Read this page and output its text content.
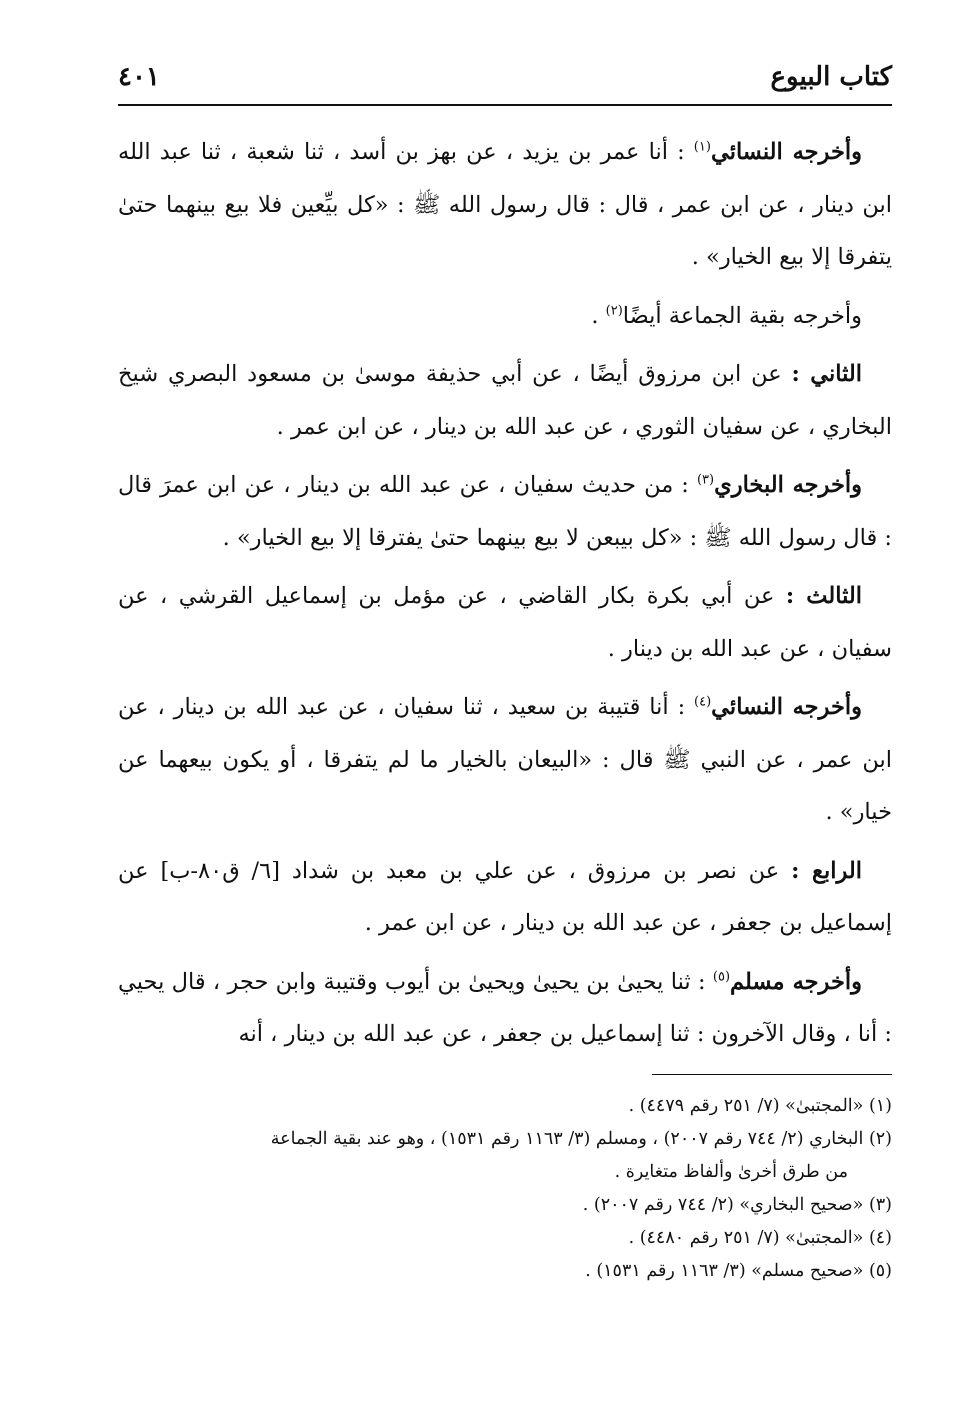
كتاب البيوع
٤٠١

وأخرجه النسائي$^{(١)}$ : أنا عمر بن يزيد ، عن بهز بن أسد ، ثنا شعبة ، ثنا عبد الله ابن دينار ، عن ابن عمر ، قال : قال رسول الله ﷺ : «كل بيِّعين فلا بيع بينهما حتىٰ يتفرقا إلا بيع الخيار» .

وأخرجه بقية الجماعة أيضًا$^{(٢)}$ .

الثاني : عن ابن مرزوق أيضًا ، عن أبي حذيفة موسىٰ بن مسعود البصري شيخ البخاري ، عن سفيان الثوري ، عن عبد الله بن دينار ، عن ابن عمر .

وأخرجه البخاري$^{(٣)}$ : من حديث سفيان ، عن عبد الله بن دينار ، عن ابن عمرَ قال : قال رسول الله ﷺ : «كل بيبعن لا بيع بينهما حتىٰ يفترقا إلا بيع الخيار» .

الثالث : عن أبي بكرة بكار القاضي ، عن مؤمل بن إسماعيل القرشي ، عن سفيان ، عن عبد الله بن دينار .

وأخرجه النسائي$^{(٤)}$ : أنا قتيبة بن سعيد ، ثنا سفيان ، عن عبد الله بن دينار ، عن ابن عمر ، عن النبي ﷺ قال : «البيعان بالخيار ما لم يتفرقا ، أو يكون بيعهما عن خيار» .

الرابع : عن نصر بن مرزوق ، عن علي بن معبد بن شداد [٦/ ق٨٠-ب] عن إسماعيل بن جعفر ، عن عبد الله بن دينار ، عن ابن عمر .

وأخرجه مسلم$^{(٥)}$ : ثنا يحيىٰ بن يحيىٰ ويحيىٰ بن أيوب وقتيبة وابن حجر ، قال يحيي : أنا ، وقال الآخرون : ثنا إسماعيل بن جعفر ، عن عبد الله بن دينار ، أنه

(١) «المجتبىٰ» (٧/ ٢٥١ رقم ٤٤٧٩) .

(٢) البخاري (٢/ ٧٤٤ رقم ٢٠٠٧) ، ومسلم (٣/ ١١٦٣ رقم ١٥٣١) ، وهو عند بقية الجماعة

من طرق أخرىٰ وألفاظ متغايرة .

(٣) «صحيح البخاري» (٢/ ٧٤٤ رقم ٢٠٠٧) .

(٤) «المجتبىٰ» (٧/ ٢٥١ رقم ٤٤٨٠) .

(٥) «صحيح مسلم» (٣/ ١١٦٣ رقم ١٥٣١) .
